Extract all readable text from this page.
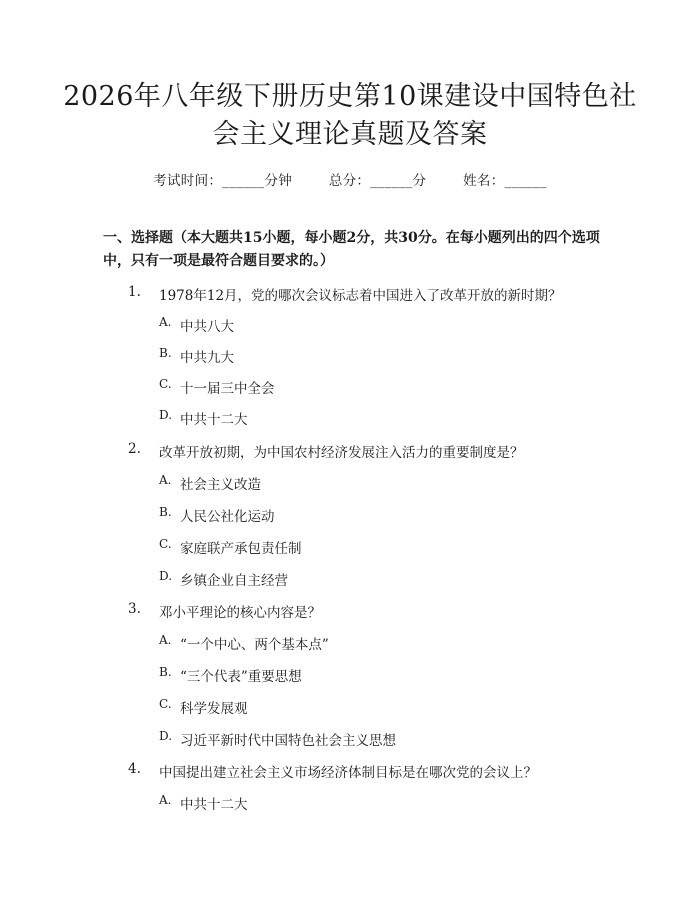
2026年八年级下册历史第10课建设中国特色社会主义理论真题及答案
考试时间：______分钟	总分：______分	姓名：______

一、选择题（本大题共15小题，每小题2分，共30分。在每小题列出的四个选项中，只有一项是最符合题目要求的。）

1. 1978年12月，党的哪次会议标志着中国进入了改革开放的新时期？
A. 中共八大
B. 中共九大
C. 十一届三中全会
D. 中共十二大
2. 改革开放初期，为中国农村经济发展注入活力的重要制度是？
A. 社会主义改造
B. 人民公社化运动
C. 家庭联产承包责任制
D. 乡镇企业自主经营
3. 邓小平理论的核心内容是？
A. “一个中心、两个基本点”
B. “三个代表”重要思想
C. 科学发展观
D. 习近平新时代中国特色社会主义思想
4. 中国提出建立社会主义市场经济体制目标是在哪次党的会议上？
A. 中共十二大
